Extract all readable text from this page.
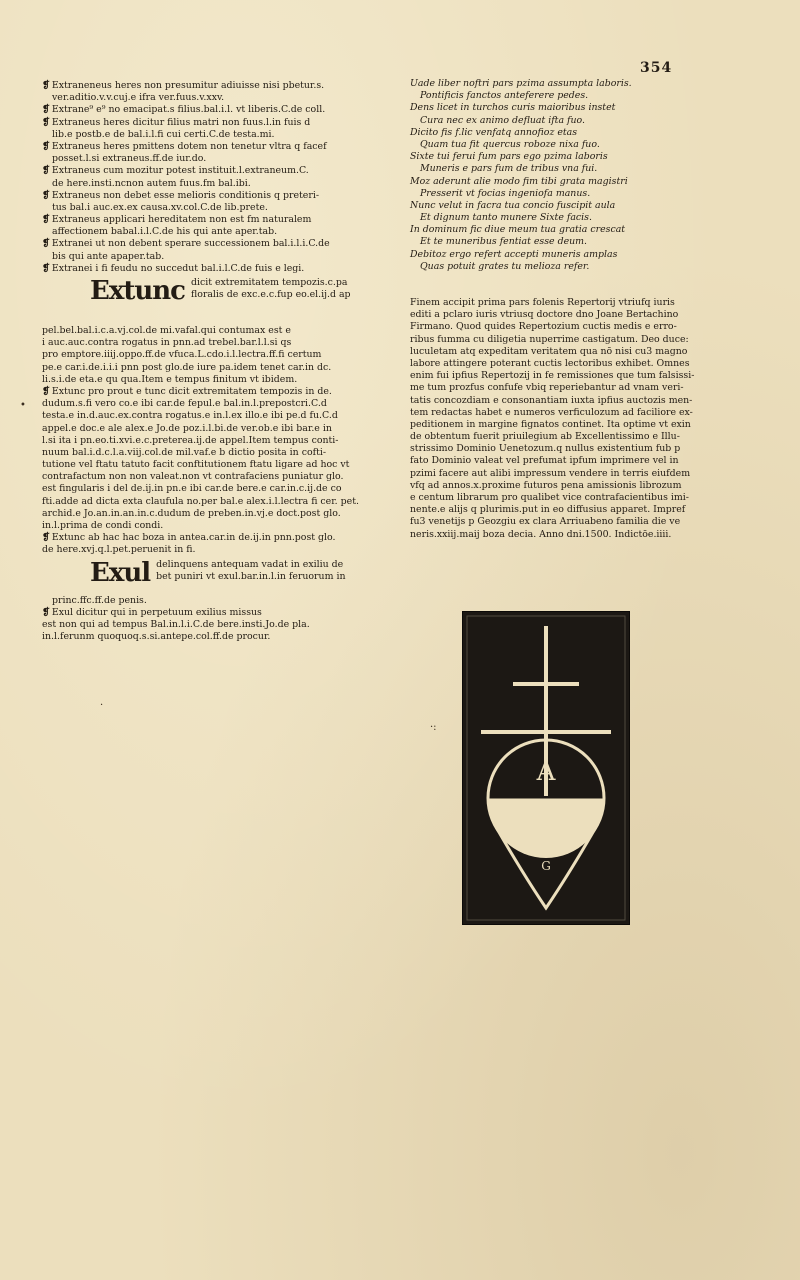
354
❡ Extraneneus heres non presumitur adiuisse nisi pbetur.s.
ver.aditio.v.v.cuj.e ifra ver.fuus.v.xxv.
❡ Extrane⁹ e⁹ no emacipat.s filius.bal.i.l. vt liberis.C.de coll.
❡ Extraneus heres dicitur filius matri non fuus.l.in fuis d
lib.e postb.e de bal.i.l.fi cui certi.C.de testa.mi.
❡ Extraneus heres pmittens dotem non tenetur vltra q facef
posset.l.si extraneus.ff.de iur.do.
❡ Extraneus cum mozitur potest instituit.l.extraneum.C.
de here.insti.ncnon autem fuus.fm bal.ibi.
❡ Extraneus non debet esse melioris conditionis q preteri-
tus bal.i auc.ex.ex causa.xv.col.C.de lib.prete.
❡ Extraneus applicari hereditatem non est fm naturalem
affectionem babal.i.l.C.de his qui ante aper.tab.
❡ Extranei ut non debent sperare successionem bal.i.l.i.C.de
bis qui ante apaper.tab.
❡ Extranei i fi feudu no succedut bal.i.l.C.de fuis e legi.
Extunc dicit extremitatem tempozis.c.pa
floralis de exc.e.c.fup eo.el.ij.d ap
pel.bel.bal.i.c.a.vj.col.de mi.vafal.qui contumax est e
i auc.auc.contra rogatus in pnn.ad trebel.bar.l.l.si qs
pro emptore.iiij.oppo.ff.de vfuca.L.cdo.i.l.lectra.ff.fi certum
pe.e car.i.de.i.i.i pnn post glo.de iure pa.idem tenet car.in dc.
li.s.i.de eta.e qu qua.Item e tempus finitum vt ibidem.
❡ Extunc pro prout e tunc dicit extremitatem tempozis in de.
dudum.s.fi vero co.e ibi car.de fepul.e bal.in.l.prepostcri.C.d
testa.e in.d.auc.ex.contra rogatus.e in.l.ex illo.e ibi pe.d fu.C.d
appel.e doc.e ale alex.e Jo.de poz.i.l.bi.de ver.ob.e ibi bar.e in
l.si ita i pn.eo.ti.xvi.e.c.preterea.ij.de appel.Item tempus conti-
nuum bal.i.d.c.l.a.viij.col.de mil.vaf.e b dictio posita in cofti-
tutione vel ftatu tatuto facit conftitutionem ftatu ligare ad hoc vt
contrafactum non non valeat.non vt contrafaciens puniatur glo.
est fingularis i del de.ij.in pn.e ibi car.de bere.e car.in.c.ij.de co
fti.adde ad dicta exta claufula no.per bal.e alex.i.l.lectra fi cer. pet.
archid.e Jo.an.in.an.in.c.dudum de preben.in.vj.e doct.post glo.
in.l.prima de condi condi.
❡ Extunc ab hac hac boza in antea.car.in de.ij.in pnn.post glo.
de here.xvj.q.l.pet.peruenit in fi.
Exul delinquens antequam vadat in exiliu de
bet puniri vt exul.bar.in.l.in feruorum in
princ.ffc.ff.de penis.
❡ Exul dicitur qui in perpetuum exilius missus
est non qui ad tempus Bal.in.l.i.C.de bere.insti.Jo.de pla.
in.l.ferunm quoquoq.s.si.antepe.col.ff.de procur.
Uade liber noftri pars pzima assumpta laboris.
Pontificis fanctos anteferere pedes.
Dens licet in turchos curis maioribus instet
Cura nec ex animo defluat ifta fuo.
Dicito fis f.lic venfatq annofioz etas
Quam tua fit quercus roboze nixa fuo.
Sixte tui ferui fum pars ego pzima laboris
Muneris e pars fum de tribus vna fui.
Moz aderunt alie modo fim tibi grata magistri
Presserit vt focias ingeniofa manus.
Nunc velut in facra tua concio fuscipit aula
Et dignum tanto munere Sixte facis.
In dominum fic diue meum tua gratia crescat
Et te muneribus fentiat esse deum.
Debitoz ergo refert accepti muneris amplas
Quas potuit grates tu melioza refer.
Finem accipit prima pars folenis Repertorij vtriufq iuris
editi a pclaro iuris vtriusq doctore dno Joane Bertachino
Firmano. Quod quides Repertozium cuctis medis e erro-
ribus fumma cu diligetia nuperrime castigatum. Deo duce:
luculetam atq expeditam veritatem qua nō nisi cu3 magno
labore attingere poterant cuctis lectoribus exhibet. Omnes
enim fui ipfius Repertozij in fe remissiones que tum falsissi-
me tum prozfus confufe vbiq reperiebantur ad vnam veri-
tatis concozdiam e consonantiam iuxta ipfius auctozis men-
tem redactas habet e numeros verficulozum ad faciliore ex-
peditionem in margine fignatos continet. Ita optime vt exin
de obtentum fuerit priuilegium ab Excellentissimo e Illu-
strissimo Dominio Uenetozum.q nullus existentium fub p
fato Dominio valeat vel prefumat ipfum imprimere vel in
pzimi facere aut alibi impressum vendere in terris eiufdem
vfq ad annos.x.proxime futuros pena amissionis librozum
e centum librarum pro qualibet vice contrafacientibus imi-
nente.e alijs q plurimis.put in eo diffusius apparet. Impref
fu3 venetijs p Geozgiu ex clara Arriuabeno familia die ve
neris.xxiij.maij boza decia. Anno dni.1500. Indictōe.iiii.
A
G
·
·:
•
